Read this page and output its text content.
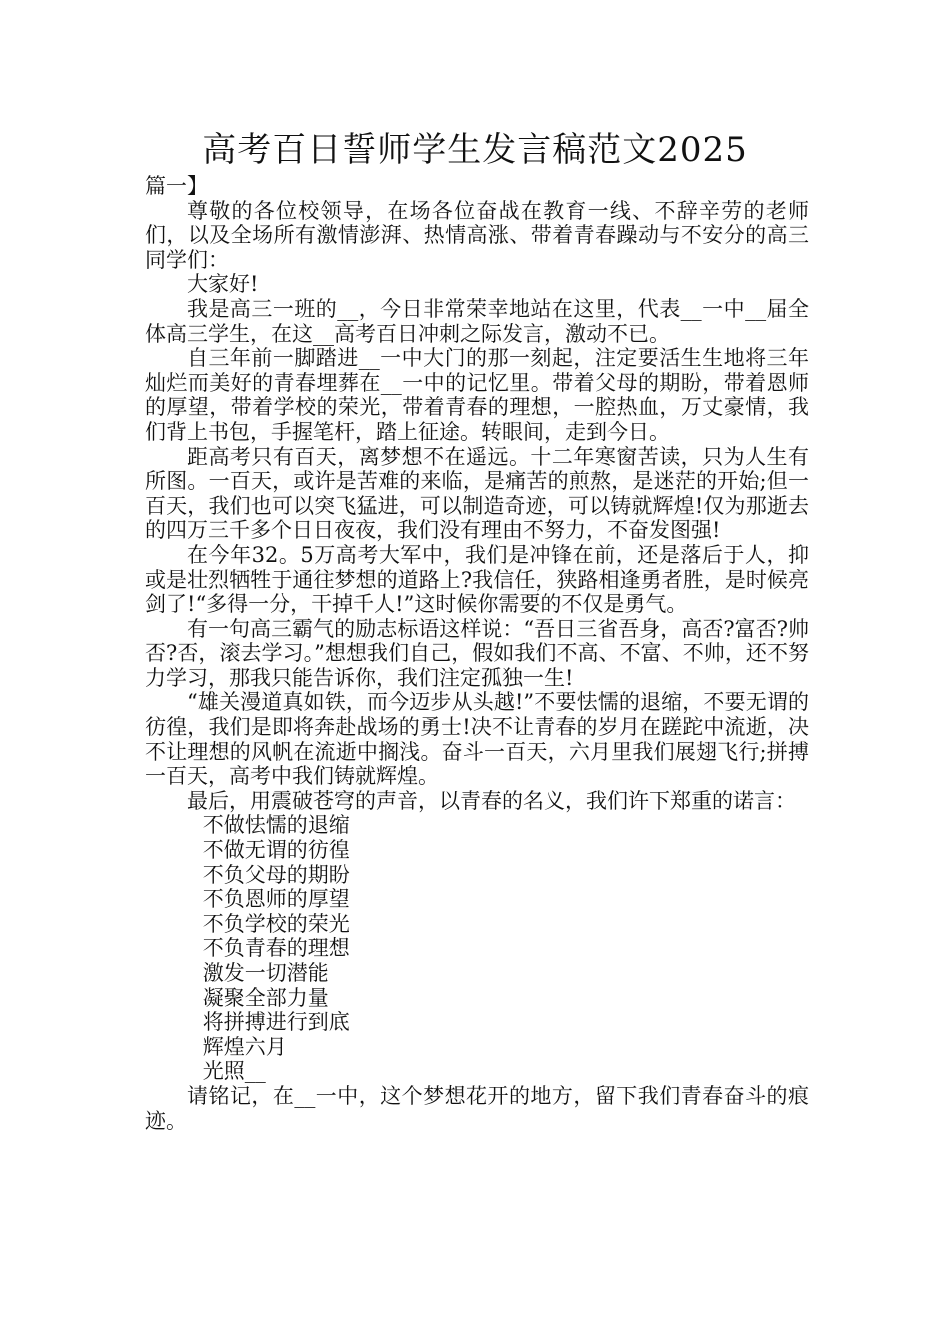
高考百日誓师学生发言稿范文2025

篇一】

尊敬的各位校领导，在场各位奋战在教育一线、不辞辛劳的老师们，以及全场所有激情澎湃、热情高涨、带着青春躁动与不安分的高三同学们：

大家好!

我是高三一班的__，今日非常荣幸地站在这里，代表__一中__届全体高三学生，在这__高考百日冲刺之际发言，激动不已。

自三年前一脚踏进__一中大门的那一刻起，注定要活生生地将三年灿烂而美好的青春埋葬在__一中的记忆里。带着父母的期盼，带着恩师的厚望，带着学校的荣光，带着青春的理想，一腔热血，万丈豪情，我们背上书包，手握笔杆，踏上征途。转眼间，走到今日。

距高考只有百天，离梦想不在遥远。十二年寒窗苦读，只为人生有所图。一百天，或许是苦难的来临，是痛苦的煎熬，是迷茫的开始;但一百天，我们也可以突飞猛进，可以制造奇迹，可以铸就辉煌!仅为那逝去的四万三千多个日日夜夜，我们没有理由不努力，不奋发图强!

在今年32。5万高考大军中，我们是冲锋在前，还是落后于人，抑或是壮烈牺牲于通往梦想的道路上?我信任，狭路相逢勇者胜，是时候亮剑了!“多得一分，干掉千人!”这时候你需要的不仅是勇气。

有一句高三霸气的励志标语这样说：“吾日三省吾身，高否?富否?帅否?否，滚去学习。”想想我们自己，假如我们不高、不富、不帅，还不努力学习，那我只能告诉你，我们注定孤独一生!

“雄关漫道真如铁，而今迈步从头越!”不要怯懦的退缩，不要无谓的彷徨，我们是即将奔赴战场的勇士!决不让青春的岁月在蹉跎中流逝，决不让理想的风帆在流逝中搁浅。奋斗一百天，六月里我们展翅飞行;拼搏一百天，高考中我们铸就辉煌。

最后，用震破苍穹的声音，以青春的名义，我们许下郑重的诺言：

不做怯懦的退缩

不做无谓的彷徨

不负父母的期盼

不负恩师的厚望

不负学校的荣光

不负青春的理想

激发一切潜能

凝聚全部力量

将拼搏进行到底

辉煌六月

光照__

请铭记，在__一中，这个梦想花开的地方，留下我们青春奋斗的痕迹。
